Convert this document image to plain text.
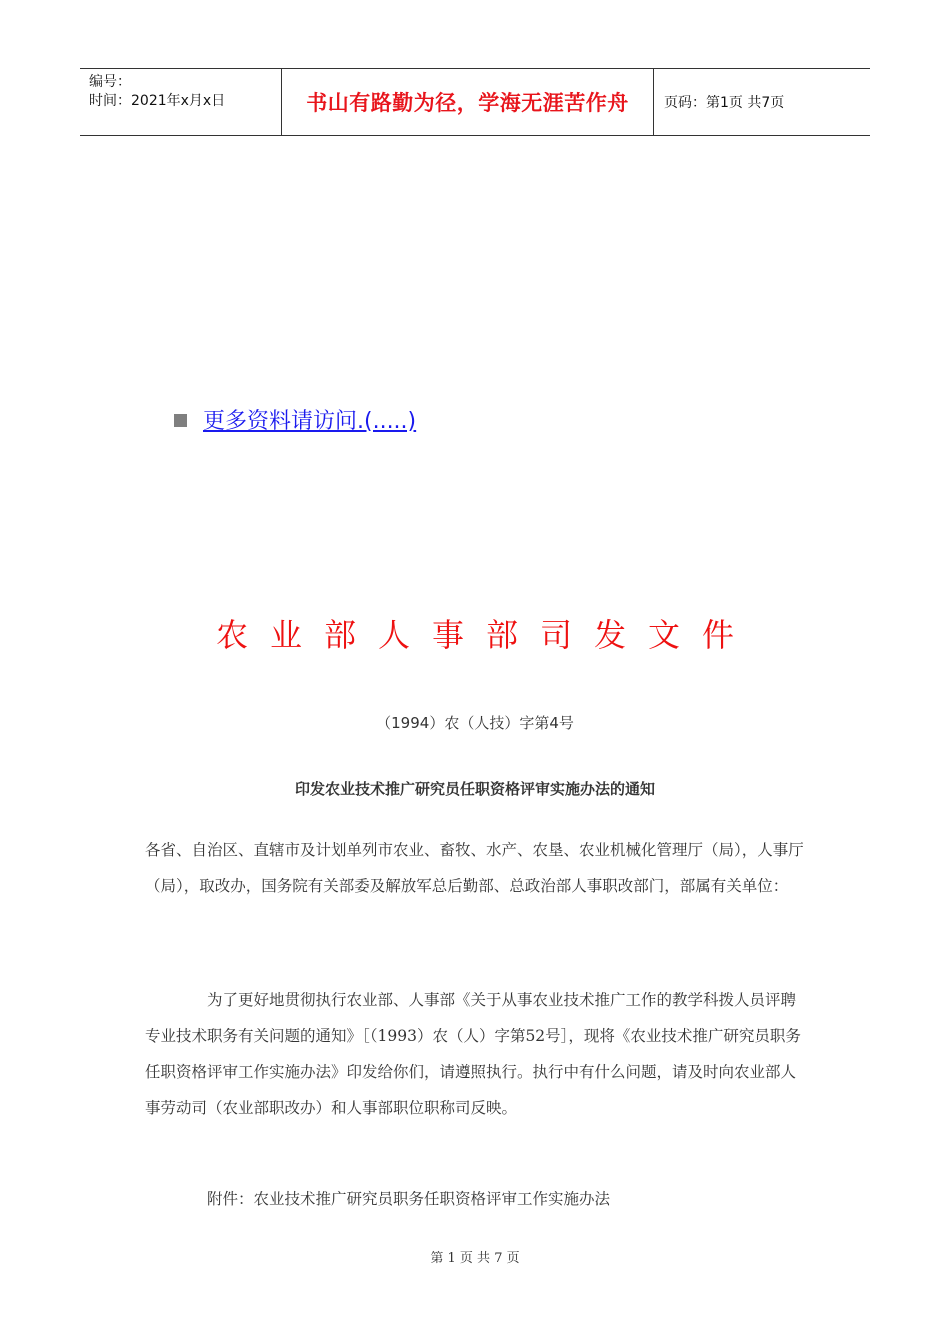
编号：
时间：2021年x月x日	书山有路勤为径，学海无涯苦作舟	页码：第1页 共7页
更多资料请访问.(.....)
农业部人事部司发文件
（1994）农（人技）字第4号
印发农业技术推广研究员任职资格评审实施办法的通知
各省、自治区、直辖市及计划单列市农业、畜牧、水产、农垦、农业机械化管理厅（局），人事厅（局），取改办，国务院有关部委及解放军总后勤部、总政治部人事职改部门，部属有关单位：
为了更好地贯彻执行农业部、人事部《关于从事农业技术推广工作的教学科拨人员评聘专业技术职务有关问题的通知》［（1993）农（人）字第52号］，现将《农业技术推广研究员职务任职资格评审工作实施办法》印发给你们，请遵照执行。执行中有什么问题，请及时向农业部人事劳动司（农业部职改办）和人事部职位职称司反映。
附件：农业技术推广研究员职务任职资格评审工作实施办法
第 1 页 共 7 页
